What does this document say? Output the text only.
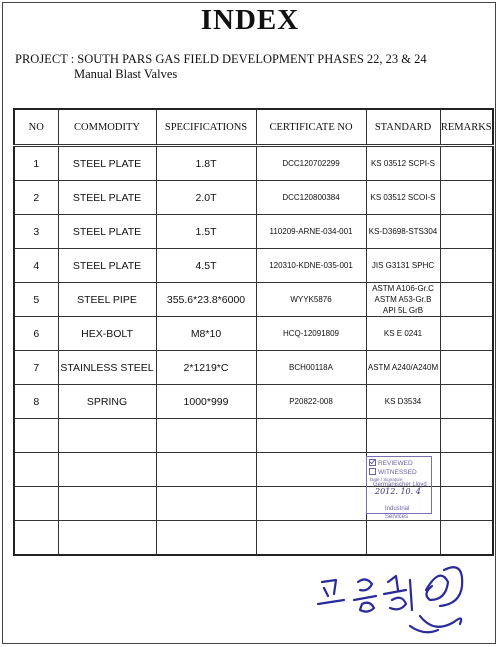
INDEX
PROJECT : SOUTH PARS GAS FIELD DEVELOPMENT PHASES 22, 23 & 24
Manual Blast Valves
NO	COMMODITY	SPECIFICATIONS	CERTIFICATE NO	STANDARD	REMARKS
1	STEEL PLATE	1.8T	DCC120702299	KS 03512 SCPI-S	

2	STEEL PLATE	2.0T	DCC120800384	KS 03512 SCOI-S	

3	STEEL PLATE	1.5T	110209-ARNE-034-001	KS-D3698-STS304	

4	STEEL PLATE	4.5T	120310-KDNE-035-001	JIS G3131 SPHC	

5	STEEL PIPE	355.6*23.8*6000	WYYK5876	ASTM A106-Gr.C
ASTM A53-Gr.B
API 5L GrB	

6	HEX-BOLT	M8*10	HCQ-12091809	KS E 0241	

7	STAINLESS STEEL	2*1219*C	BCH00118A	ASTM A240/A240M	

8	SPRING	1000*999	P20822-008	KS D3534	

REVIEWED
WITNESSED
Date / Signature
Germanischer Lloyd
2012. 10. 4
Industrial Services
